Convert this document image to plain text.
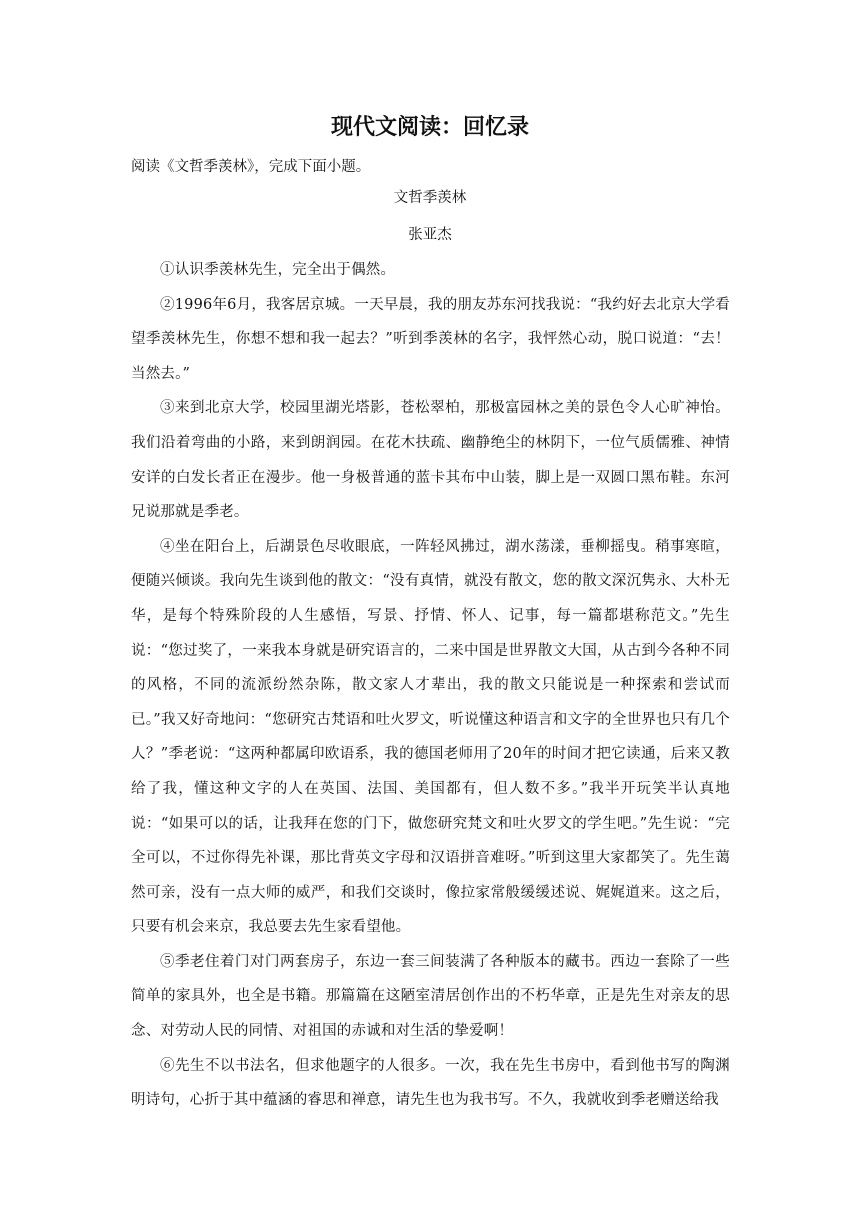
现代文阅读：回忆录

阅读《文哲季羡林》，完成下面小题。

文哲季羡林

张亚杰

①认识季羡林先生，完全出于偶然。

②1996年6月，我客居京城。一天早晨，我的朋友苏东河找我说：“我约好去北京大学看望季羡林先生，你想不想和我一起去？”听到季羡林的名字，我怦然心动，脱口说道：“去！当然去。”

③来到北京大学，校园里湖光塔影，苍松翠柏，那极富园林之美的景色令人心旷神怡。我们沿着弯曲的小路，来到朗润园。在花木扶疏、幽静绝尘的林阴下，一位气质儒雅、神情安详的白发长者正在漫步。他一身极普通的蓝卡其布中山装，脚上是一双圆口黑布鞋。东河兄说那就是季老。

④坐在阳台上，后湖景色尽收眼底，一阵轻风拂过，湖水荡漾，垂柳摇曳。稍事寒暄，便随兴倾谈。我向先生谈到他的散文：“没有真情，就没有散文，您的散文深沉隽永、大朴无华，是每个特殊阶段的人生感悟，写景、抒情、怀人、记事，每一篇都堪称范文。”先生说：“您过奖了，一来我本身就是研究语言的，二来中国是世界散文大国，从古到今各种不同的风格，不同的流派纷然杂陈，散文家人才辈出，我的散文只能说是一种探索和尝试而已。”我又好奇地问：“您研究古梵语和吐火罗文，听说懂这种语言和文字的全世界也只有几个人？”季老说：“这两种都属印欧语系，我的德国老师用了20年的时间才把它读通，后来又教给了我，懂这种文字的人在英国、法国、美国都有，但人数不多。”我半开玩笑半认真地说：“如果可以的话，让我拜在您的门下，做您研究梵文和吐火罗文的学生吧。”先生说：“完全可以，不过你得先补课，那比背英文字母和汉语拼音难呀。”听到这里大家都笑了。先生蔼然可亲，没有一点大师的威严，和我们交谈时，像拉家常般缓缓述说、娓娓道来。这之后，只要有机会来京，我总要去先生家看望他。

⑤季老住着门对门两套房子，东边一套三间装满了各种版本的藏书。西边一套除了一些简单的家具外，也全是书籍。那篇篇在这陋室清居创作出的不朽华章，正是先生对亲友的思念、对劳动人民的同情、对祖国的赤诚和对生活的挚爱啊！

⑥先生不以书法名，但求他题字的人很多。一次，我在先生书房中，看到他书写的陶渊明诗句，心折于其中蕴涵的睿思和禅意，请先生也为我书写。不久，我就收到季老赠送给我
